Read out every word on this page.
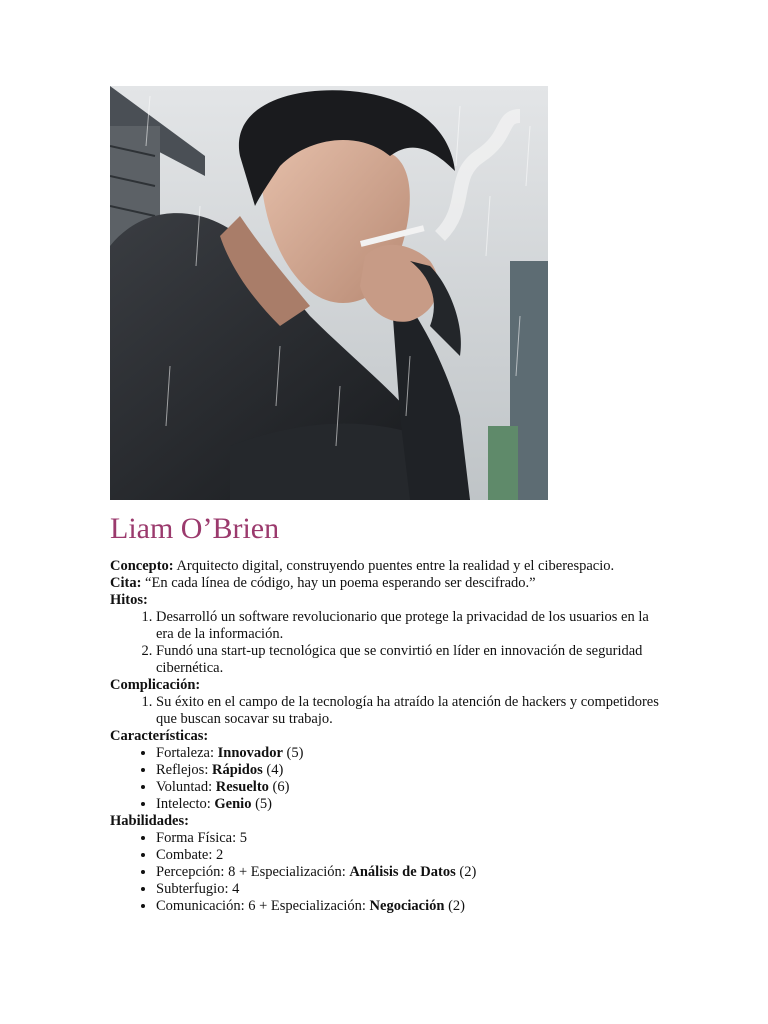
Liam O’Brien

Concepto: Arquitecto digital, construyendo puentes entre la realidad y el ciberespacio.

Cita: “En cada línea de código, hay un poema esperando ser descifrado.”

Hitos:

1. Desarrolló un software revolucionario que protege la privacidad de los usuarios en la era de la información.
2. Fundó una start-up tecnológica que se convirtió en líder en innovación de seguridad cibernética.

Complicación:

1. Su éxito en el campo de la tecnología ha atraído la atención de hackers y competidores que buscan socavar su trabajo.

Características:

• Fortaleza: Innovador (5)
• Reflejos: Rápidos (4)
• Voluntad: Resuelto (6)
• Intelecto: Genio (5)

Habilidades:

• Forma Física: 5
• Combate: 2
• Percepción: 8 + Especialización: Análisis de Datos (2)
• Subterfugio: 4
• Comunicación: 6 + Especialización: Negociación (2)
